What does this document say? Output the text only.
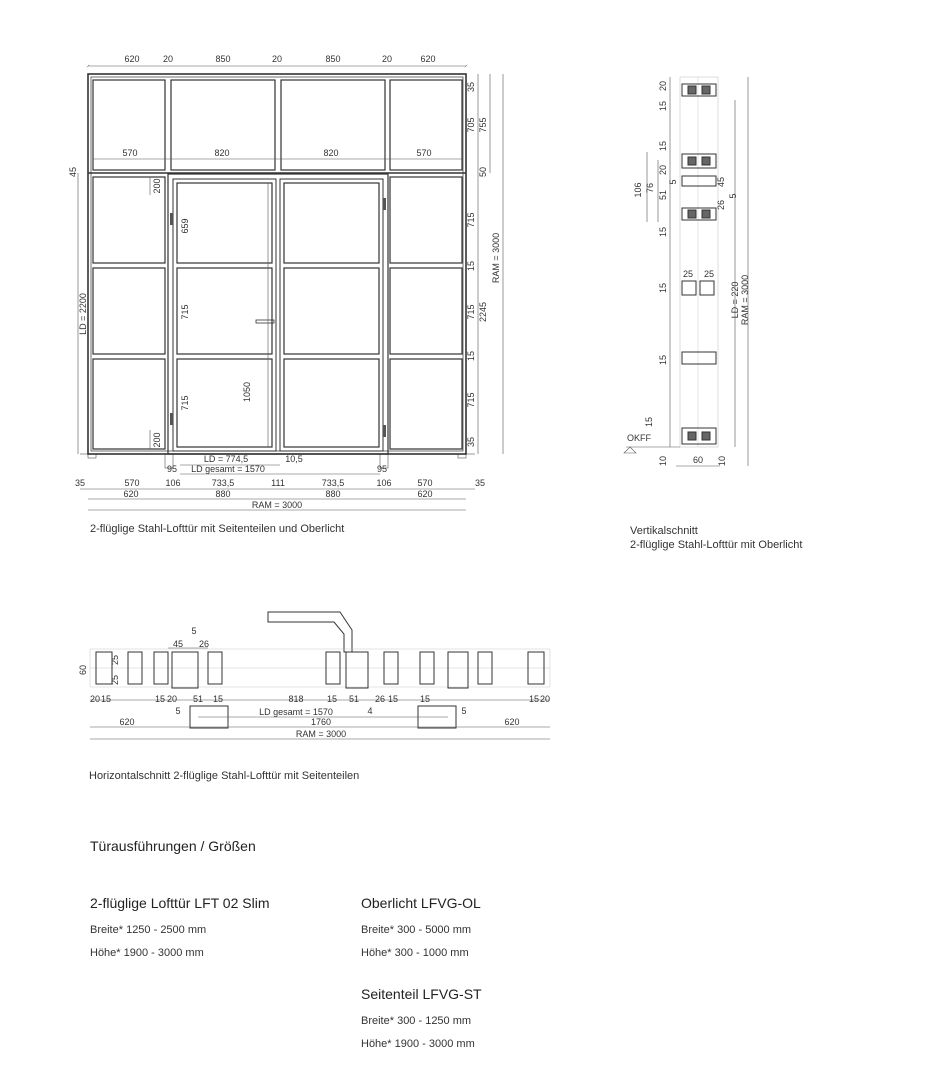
620	20	850	20	850	20	620
570	820	820	570
LD = 774,5	10,5
LD gesamt = 1570
95	95
35	570	106	733,5	111	733,5	106	570	35
620	880	880	620
RAM = 3000
45
LD = 2200
200
200
659
715
715
1050
35
705 755
50
715
15
715 2245
15
715
35
RAM = 3000
20
15
15
20
106 76
51
5	45
26
5
15
25 25
15
15
15
LD = 220 RAM = 3000
10	60 10
OKFF
5
45 26
60
25
25
20 15	15 20 51 15	818	15 51 26 15 15	15 20
5	LD gesamt = 1570	4	5
620	1760	620
RAM = 3000
2-flüglige Stahl-Lofttür mit Seitenteilen und Oberlicht	Vertikalschnitt
2-flüglige Stahl-Lofttür mit Oberlicht
Horizontalschnitt 2-flüglige Stahl-Lofttür mit Seitenteilen
Türausführungen / Größen
2-flüglige Lofttür LFT 02 Slim
Breite* 1250 - 2500 mm
Höhe* 1900 - 3000 mm
Oberlicht LFVG-OL
Breite* 300 - 5000 mm
Höhe* 300 - 1000 mm
Seitenteil LFVG-ST
Breite* 300 - 1250 mm
Höhe* 1900 - 3000 mm
